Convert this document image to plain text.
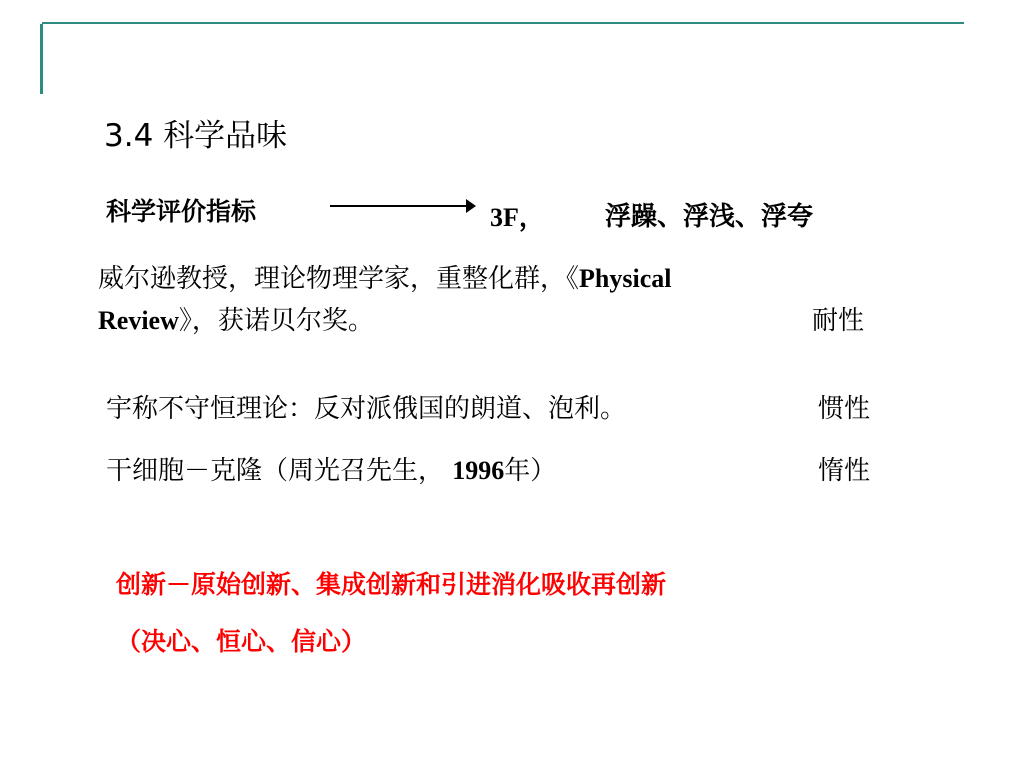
3.4 科学品味
科学评价指标	3F， 浮躁、浮浅、浮夸
威尔逊教授，理论物理学家，重整化群，《Physical
Review》，获诺贝尔奖。	耐性
宇称不守恒理论：反对派俄国的朗道、泡利。	惯性
干细胞－克隆（周光召先生， 1996年）	惰性
创新－原始创新、集成创新和引进消化吸收再创新
（决心、恒心、信心）
